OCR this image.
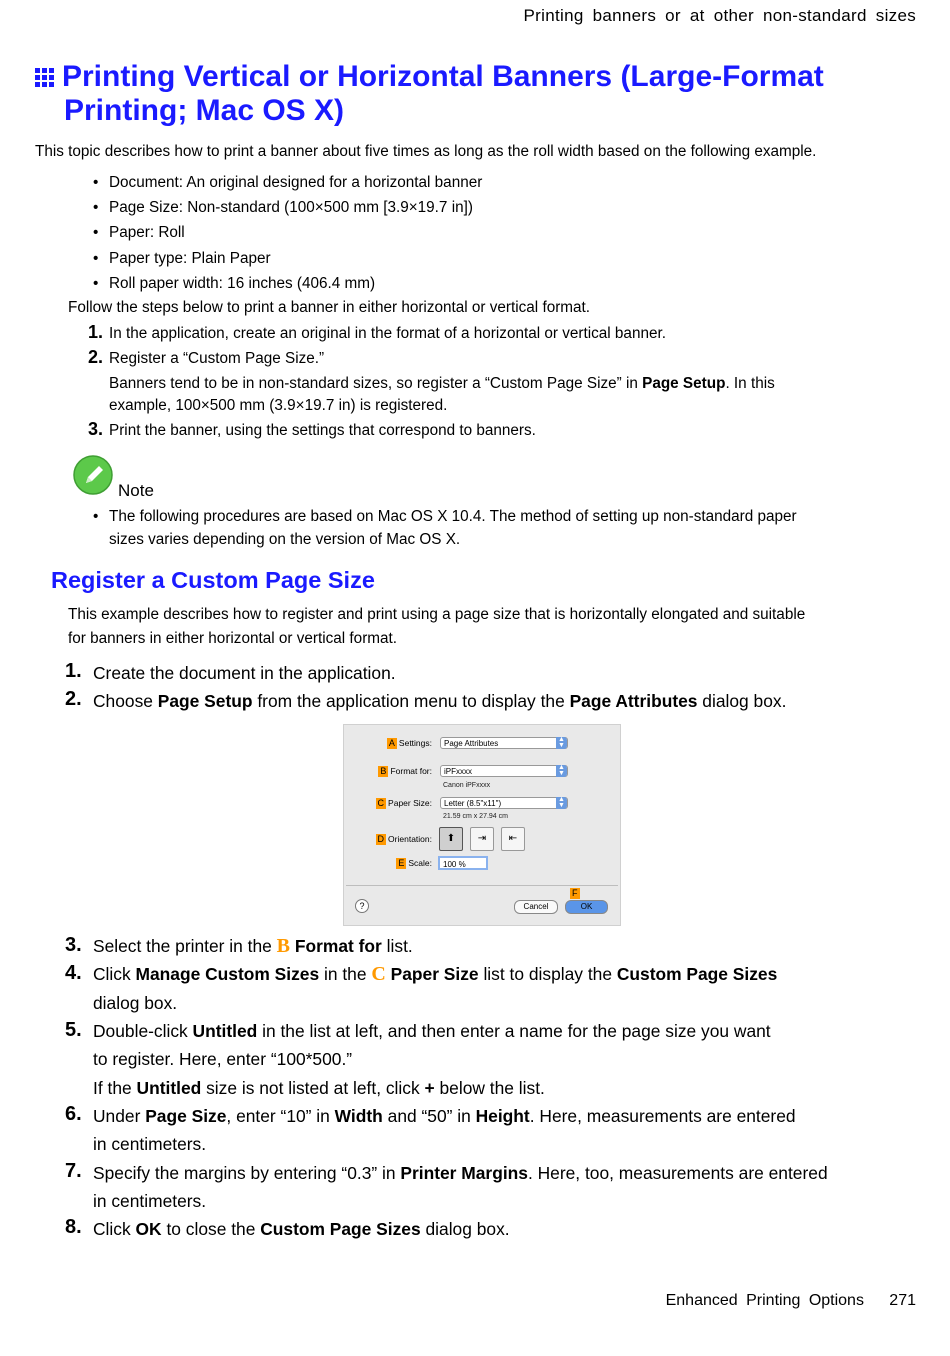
Printing banners or at other non-standard sizes
Printing Vertical or Horizontal Banners (Large-Format
Printing; Mac OS X)
This topic describes how to print a banner about five times as long as the roll width based on the following example.
• Document: An original designed for a horizontal banner
• Page Size: Non-standard (100×500 mm [3.9×19.7 in])
• Paper: Roll
• Paper type: Plain Paper
• Roll paper width: 16 inches (406.4 mm)
Follow the steps below to print a banner in either horizontal or vertical format.
1. In the application, create an original in the format of a horizontal or vertical banner.
2. Register a “Custom Page Size.”
Banners tend to be in non-standard sizes, so register a “Custom Page Size” in Page Setup. In this
example, 100×500 mm (3.9×19.7 in) is registered.
3. Print the banner, using the settings that correspond to banners.
Note
• The following procedures are based on Mac OS X 10.4. The method of setting up non-standard paper
sizes varies depending on the version of Mac OS X.
Register a Custom Page Size
This example describes how to register and print using a page size that is horizontally elongated and suitable
for banners in either horizontal or vertical format.
1. Create the document in the application.
2. Choose Page Setup from the application menu to display the Page Attributes dialog box.
A Settings:	Page Attributes	▲
▼
B Format for:	iPFxxxx	▲
▼
Canon iPFxxxx
C Paper Size:	Letter (8.5"x11")	▲
▼
21.59 cm x 27.94 cm
D Orientation:	⬆	⇥	⇤
E Scale:	100 %
?
F
Cancel	OK
3. Select the printer in the B Format for list.
4. Click Manage Custom Sizes in the C Paper Size list to display the Custom Page Sizes
dialog box.
5. Double-click Untitled in the list at left, and then enter a name for the page size you want
to register. Here, enter “100*500.”
If the Untitled size is not listed at left, click + below the list.
6. Under Page Size, enter “10” in Width and “50” in Height. Here, measurements are entered
in centimeters.
7. Specify the margins by entering “0.3” in Printer Margins. Here, too, measurements are entered
in centimeters.
8. Click OK to close the Custom Page Sizes dialog box.
Enhanced Printing Options 271
